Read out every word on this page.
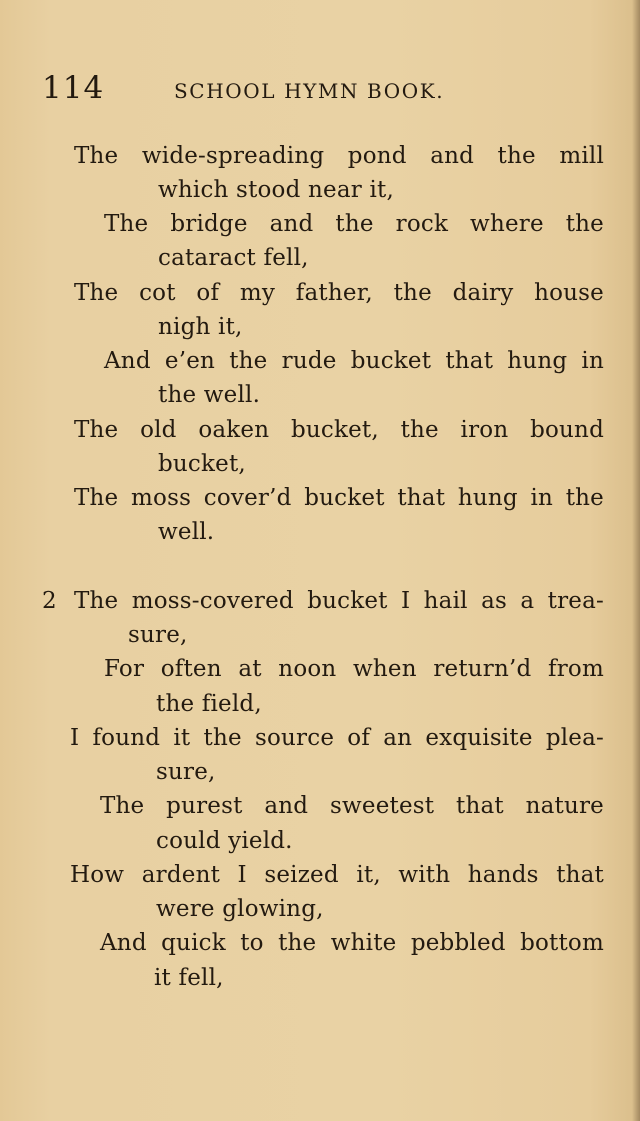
114	SCHOOL HYMN BOOK.
The wide-spreading pond and the mill
which stood near it,
The bridge and the rock where the
cataract fell,
The cot of my father, the dairy house
nigh it,
And e’en the rude bucket that hung in
the well.
The old oaken bucket, the iron bound
bucket,
The moss cover’d bucket that hung in the
well.
2 The moss-covered bucket I hail as a trea-
sure,
For often at noon when return’d from
the field,
I found it the source of an exquisite plea-
sure,
The purest and sweetest that nature
could yield.
How ardent I seized it, with hands that
were glowing,
And quick to the white pebbled bottom
it fell,
